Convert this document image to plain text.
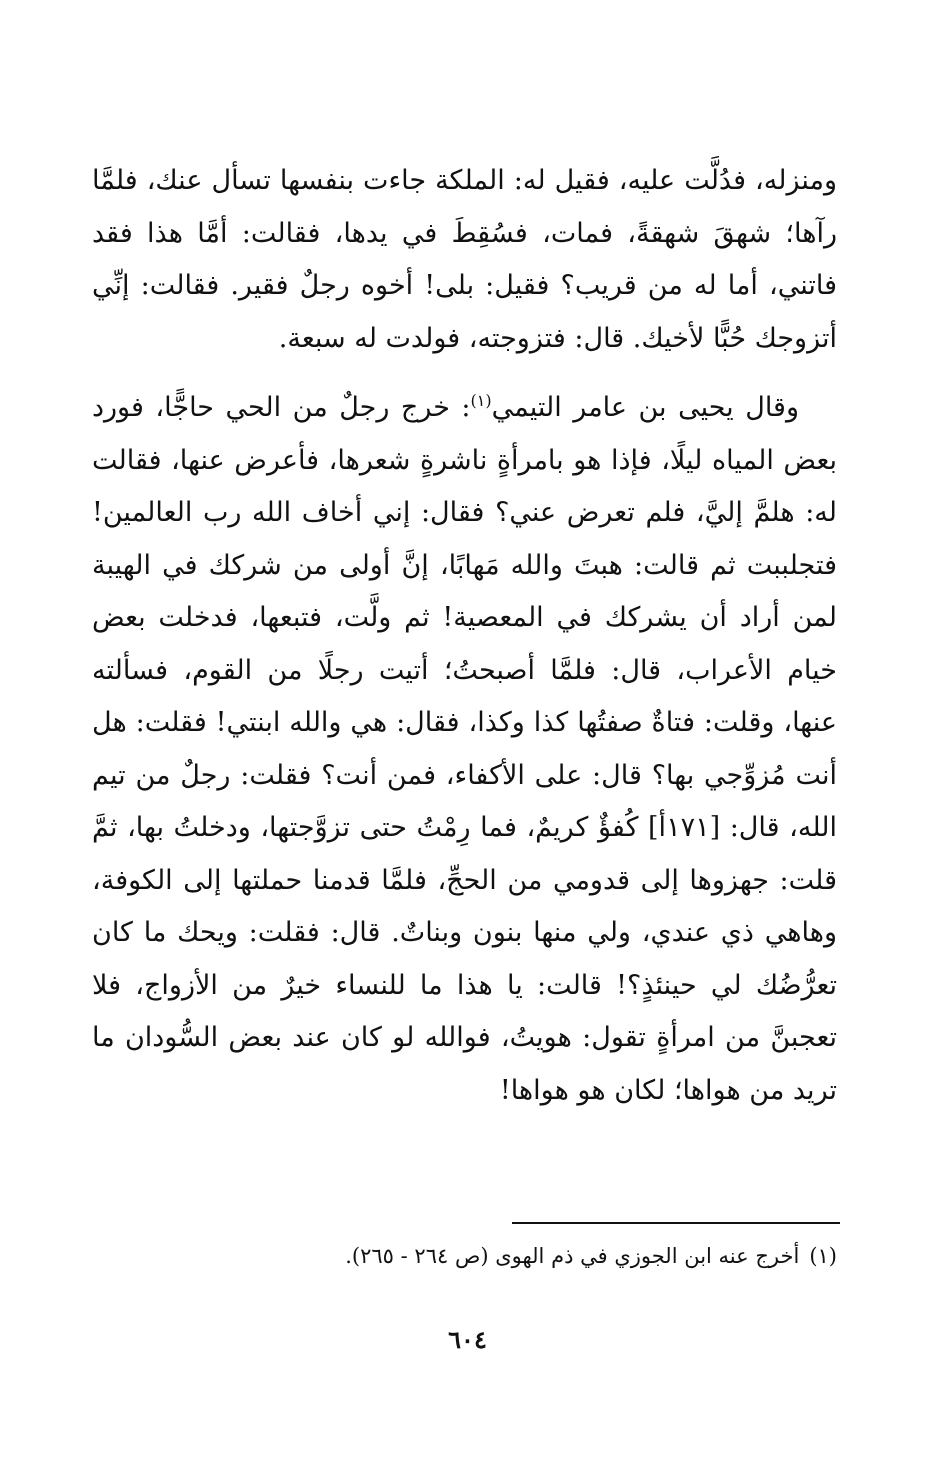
ومنزله، فدُلَّت عليه، فقيل له: الملكة جاءت بنفسها تسأل عنك، فلمَّا رآها؛ شهقَ شهقةً، فمات، فسُقِطَ في يدها، فقالت: أمَّا هذا فقد فاتني، أما له من قريب؟ فقيل: بلى! أخوه رجلٌ فقير. فقالت: إنِّي أتزوجك حُبًّا لأخيك. قال: فتزوجته، فولدت له سبعة.

وقال يحيى بن عامر التيمي$^{(١)}$: خرج رجلٌ من الحي حاجًّا، فورد بعض المياه ليلًا، فإذا هو بامرأةٍ ناشرةٍ شعرها، فأعرض عنها، فقالت له: هلمَّ إليَّ، فلم تعرض عني؟ فقال: إني أخاف الله رب العالمين! فتجلببت ثم قالت: هبتَ والله مَهابًا، إنَّ أولى من شركك في الهيبة لمن أراد أن يشركك في المعصية! ثم ولَّت، فتبعها، فدخلت بعض خيام الأعراب، قال: فلمَّا أصبحتُ؛ أتيت رجلًا من القوم، فسألته عنها، وقلت: فتاةٌ صفتُها كذا وكذا، فقال: هي والله ابنتي! فقلت: هل أنت مُزوِّجي بها؟ قال: على الأكفاء، فمن أنت؟ فقلت: رجلٌ من تيم الله، قال: [١٧١أ] كُفؤٌ كريمٌ، فما رِمْتُ حتى تزوَّجتها، ودخلتُ بها، ثمَّ قلت: جهزوها إلى قدومي من الحجِّ، فلمَّا قدمنا حملتها إلى الكوفة، وهاهي ذي عندي، ولي منها بنون وبناتٌ. قال: فقلت: ويحك ما كان تعرُّضُك لي حينئذٍ؟! قالت: يا هذا ما للنساء خيرٌ من الأزواج، فلا تعجبنَّ من امرأةٍ تقول: هويتُ، فوالله لو كان عند بعض السُّودان ما تريد من هواها؛ لكان هو هواها!

(١)أخرج عنه ابن الجوزي في ذم الهوى (ص ٢٦٤ - ٢٦٥).
٦٠٤
